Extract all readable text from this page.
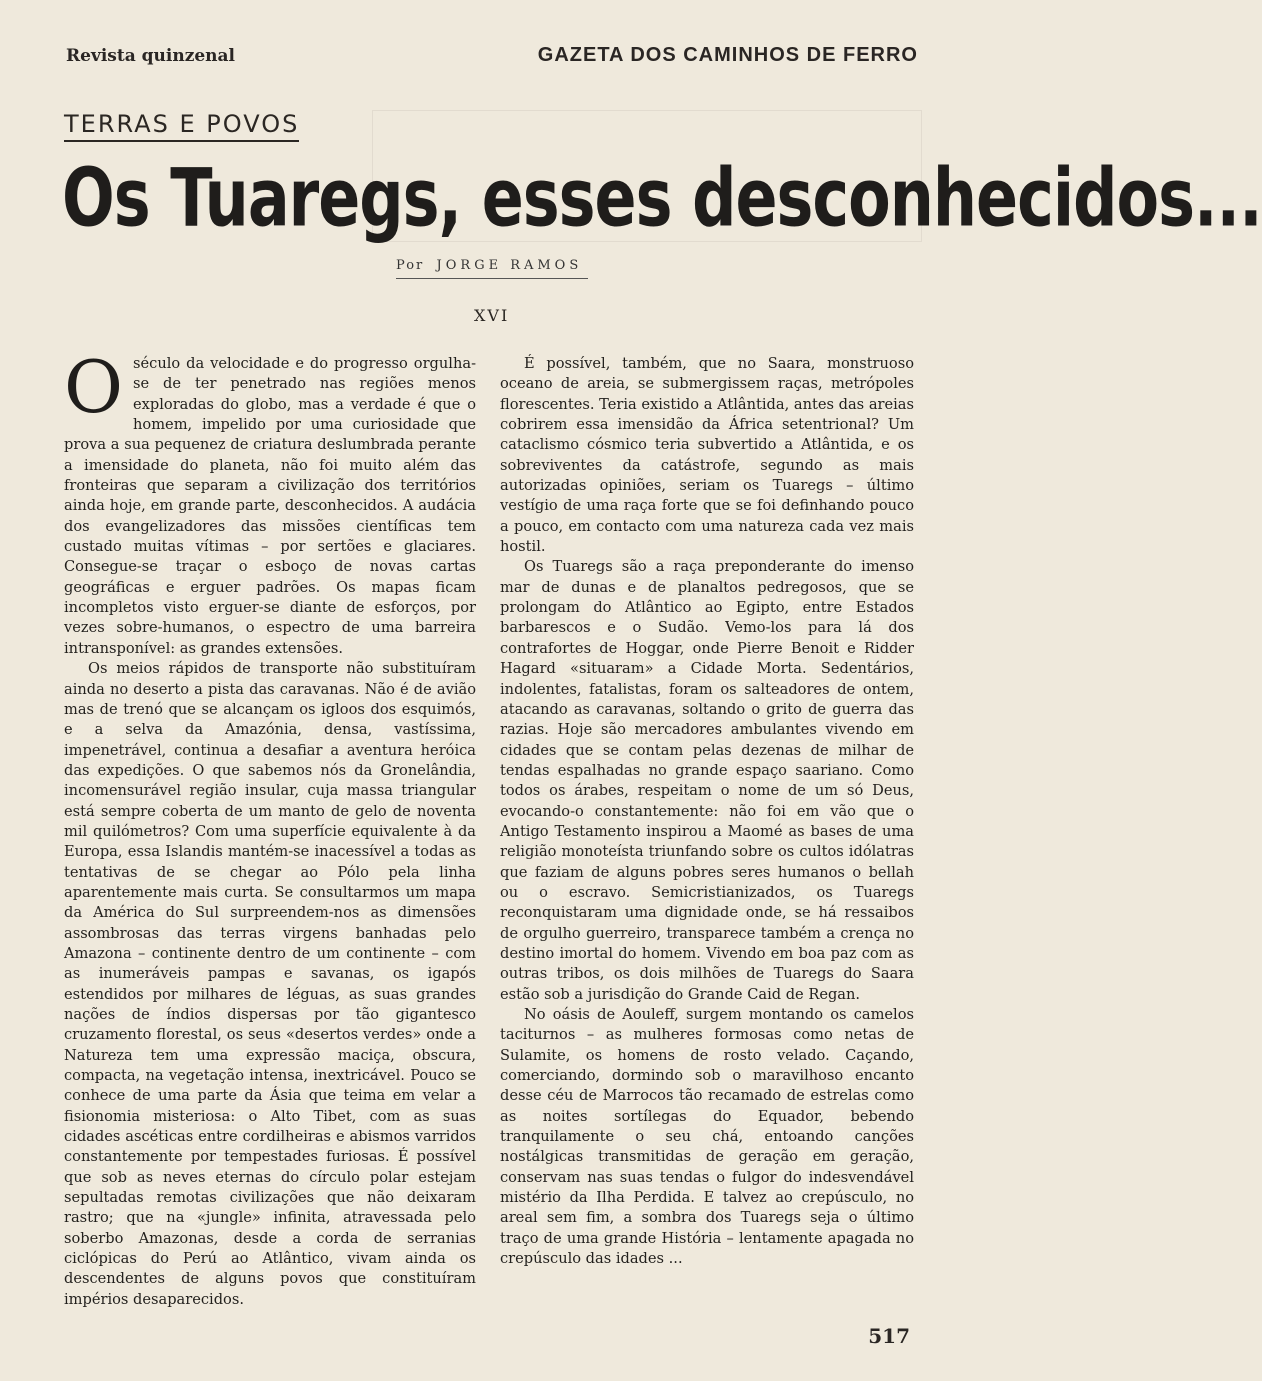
Revista quinzenal	GAZETA DOS CAMINHOS DE FERRO
TERRAS E POVOS
Os Tuaregs, esses desconhecidos...
Por JORGE RAMOS
XVI

Oséculo da velocidade e do progresso orgulha-se de ter penetrado nas regiões menos exploradas do globo, mas a verdade é que o homem, impelido por uma curiosidade que prova a sua pequenez de criatura deslumbrada perante a imensidade do planeta, não foi muito além das fronteiras que separam a civilização dos territórios ainda hoje, em grande parte, desconhecidos. A audácia dos evangelizadores das missões científicas tem custado muitas vítimas – por sertões e glaciares. Consegue-se traçar o esboço de novas cartas geográficas e erguer padrões. Os mapas ficam incompletos visto erguer-se diante de esforços, por vezes sobre-humanos, o espectro de uma barreira intransponível: as grandes extensões.

Os meios rápidos de transporte não substituíram ainda no deserto a pista das caravanas. Não é de avião mas de trenó que se alcançam os igloos dos esquimós, e a selva da Amazónia, densa, vastíssima, impenetrável, continua a desafiar a aventura heróica das expedições. O que sabemos nós da Gronelândia, incomensurável região insular, cuja massa triangular está sempre coberta de um manto de gelo de noventa mil quilómetros? Com uma superfície equivalente à da Europa, essa Islandis mantém-se inacessível a todas as tentativas de se chegar ao Pólo pela linha aparentemente mais curta. Se consultarmos um mapa da América do Sul surpreendem-nos as dimensões assombrosas das terras virgens banhadas pelo Amazona – continente dentro de um continente – com as inumeráveis pampas e savanas, os igapós estendidos por milhares de léguas, as suas grandes nações de índios dispersas por tão gigantesco cruzamento florestal, os seus «desertos verdes» onde a Natureza tem uma expressão maciça, obscura, compacta, na vegetação intensa, inextricável. Pouco se conhece de uma parte da Ásia que teima em velar a fisionomia misteriosa: o Alto Tibet, com as suas cidades ascéticas entre cordilheiras e abismos varridos constantemente por tempestades furiosas. É possível que sob as neves eternas do círculo polar estejam sepultadas remotas civilizações que não deixaram rastro; que na «jungle» infinita, atravessada pelo soberbo Amazonas, desde a corda de serranias ciclópicas do Perú ao Atlântico, vivam ainda os descendentes de alguns povos que constituíram impérios desaparecidos.

É possível, também, que no Saara, monstruoso oceano de areia, se submergissem raças, metrópoles florescentes. Teria existido a Atlântida, antes das areias cobrirem essa imensidão da África setentrional? Um cataclismo cósmico teria subvertido a Atlântida, e os sobreviventes da catástrofe, segundo as mais autorizadas opiniões, seriam os Tuaregs – último vestígio de uma raça forte que se foi definhando pouco a pouco, em contacto com uma natureza cada vez mais hostil.

Os Tuaregs são a raça preponderante do imenso mar de dunas e de planaltos pedregosos, que se prolongam do Atlântico ao Egipto, entre Estados barbarescos e o Sudão. Vemo-los para lá dos contrafortes de Hoggar, onde Pierre Benoit e Ridder Hagard «situaram» a Cidade Morta. Sedentários, indolentes, fatalistas, foram os salteadores de ontem, atacando as caravanas, soltando o grito de guerra das razias. Hoje são mercadores ambulantes vivendo em cidades que se contam pelas dezenas de milhar de tendas espalhadas no grande espaço saariano. Como todos os árabes, respeitam o nome de um só Deus, evocando-o constantemente: não foi em vão que o Antigo Testamento inspirou a Maomé as bases de uma religião monoteísta triunfando sobre os cultos idólatras que faziam de alguns pobres seres humanos o bellah ou o escravo. Semicristianizados, os Tuaregs reconquistaram uma dignidade onde, se há ressaibos de orgulho guerreiro, transparece também a crença no destino imortal do homem. Vivendo em boa paz com as outras tribos, os dois milhões de Tuaregs do Saara estão sob a jurisdição do Grande Caid de Regan.

No oásis de Aouleff, surgem montando os camelos taciturnos – as mulheres formosas como netas de Sulamite, os homens de rosto velado. Caçando, comerciando, dormindo sob o maravilhoso encanto desse céu de Marrocos tão recamado de estrelas como as noites sortílegas do Equador, bebendo tranquilamente o seu chá, entoando canções nostálgicas transmitidas de geração em geração, conservam nas suas tendas o fulgor do indesvendável mistério da Ilha Perdida. E talvez ao crepúsculo, no areal sem fim, a sombra dos Tuaregs seja o último traço de uma grande História – lentamente apagada no crepúsculo das idades ...

517
